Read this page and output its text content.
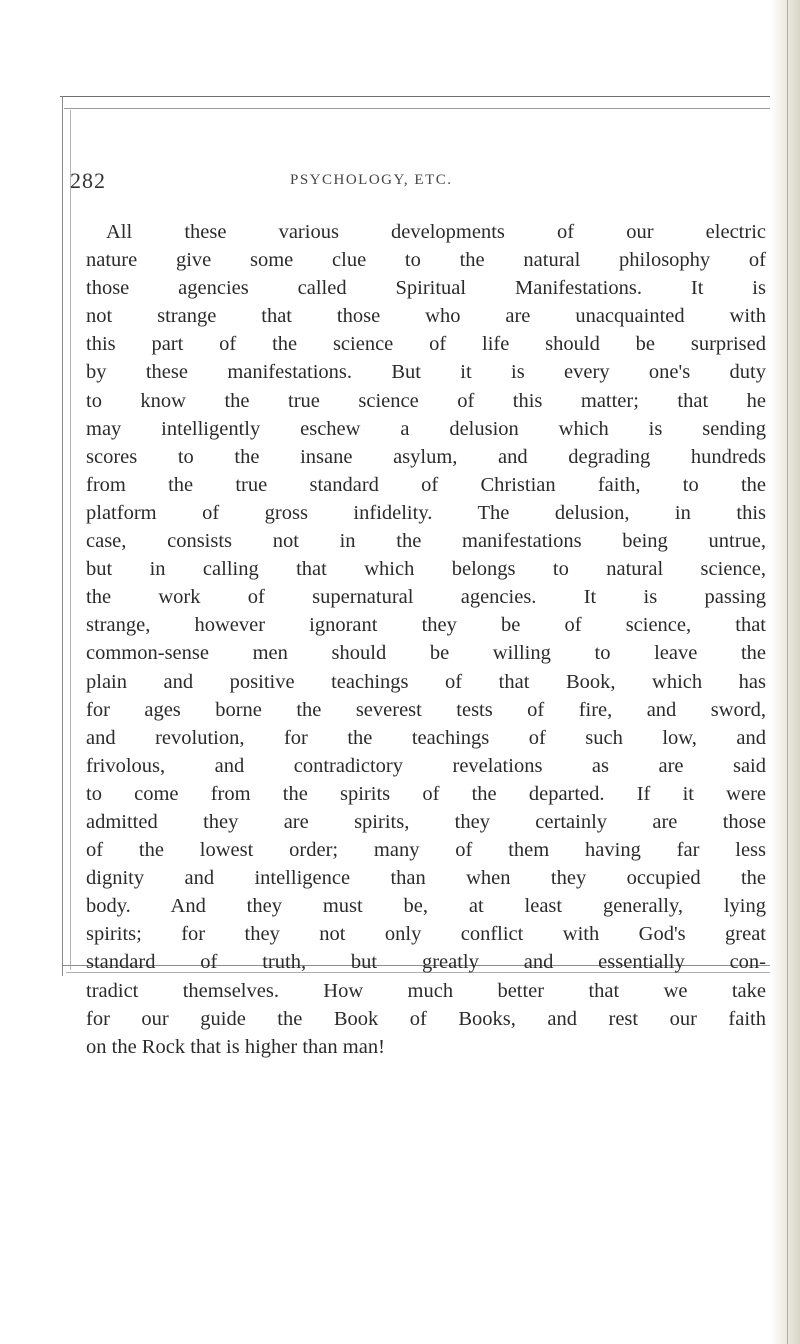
282	PSYCHOLOGY, ETC.
All these various developments of our electric
nature give some clue to the natural philosophy of
those agencies called Spiritual Manifestations. It is
not strange that those who are unacquainted with
this part of the science of life should be surprised
by these manifestations. But it is every one's duty
to know the true science of this matter; that he
may intelligently eschew a delusion which is sending
scores to the insane asylum, and degrading hundreds
from the true standard of Christian faith, to the
platform of gross infidelity. The delusion, in this
case, consists not in the manifestations being untrue,
but in calling that which belongs to natural science,
the work of supernatural agencies. It is passing
strange, however ignorant they be of science, that
common-sense men should be willing to leave the
plain and positive teachings of that Book, which has
for ages borne the severest tests of fire, and sword,
and revolution, for the teachings of such low, and
frivolous, and contradictory revelations as are said
to come from the spirits of the departed. If it were
admitted they are spirits, they certainly are those
of the lowest order; many of them having far less
dignity and intelligence than when they occupied the
body. And they must be, at least generally, lying
spirits; for they not only conflict with God's great
standard of truth, but greatly and essentially con-
tradict themselves. How much better that we take
for our guide the Book of Books, and rest our faith
on the Rock that is higher than man!
